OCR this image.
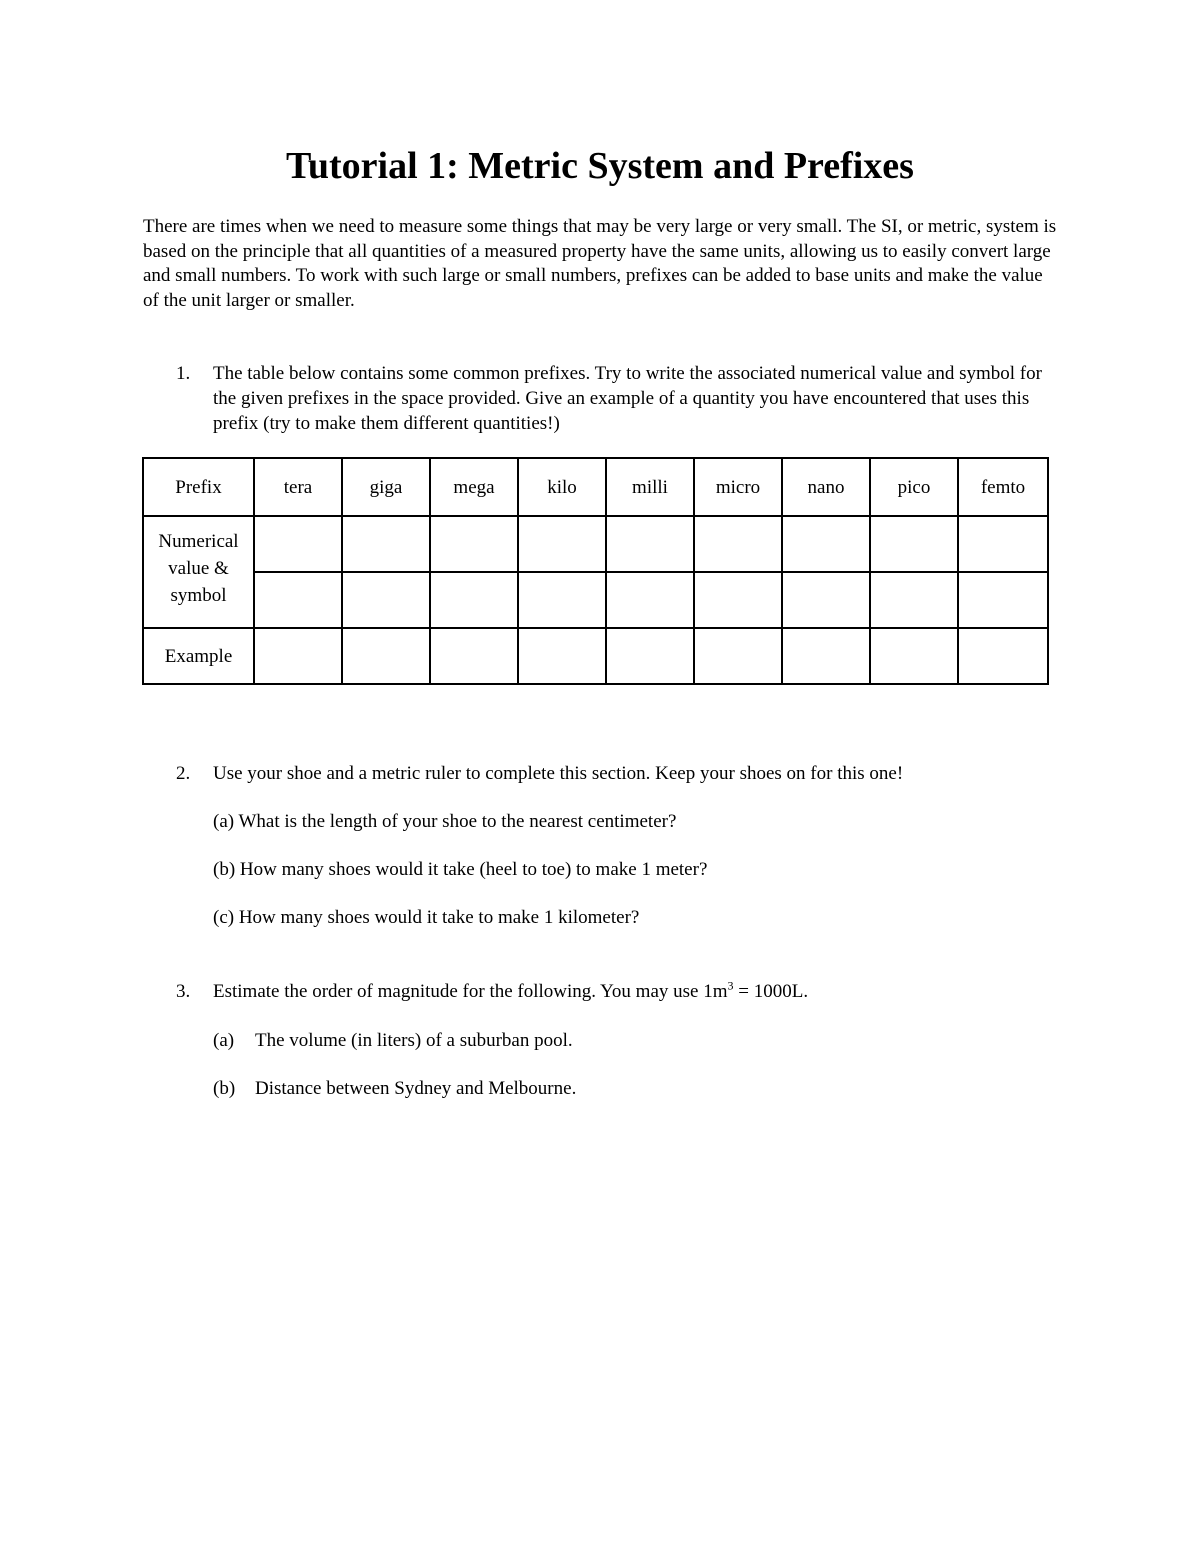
Tutorial 1: Metric System and Prefixes

There are times when we need to measure some things that may be very large or very small. The SI, or metric, system is based on the principle that all quantities of a measured property have the same units, allowing us to easily convert large and small numbers. To work with such large or small numbers, prefixes can be added to base units and make the value of the unit larger or smaller.

1. The table below contains some common prefixes. Try to write the associated numerical value and symbol for the given prefixes in the space provided. Give an example of a quantity you have encountered that uses this prefix (try to make them different quantities!)

Prefix	tera	giga	mega	kilo	milli	micro	nano	pico	femto
Numerical value & symbol									

Example									
2. Use your shoe and a metric ruler to complete this section. Keep your shoes on for this one!

(a) What is the length of your shoe to the nearest centimeter?
(b) How many shoes would it take (heel to toe) to make 1 meter?
(c) How many shoes would it take to make 1 kilometer?
3. Estimate the order of magnitude for the following. You may use $1m^3 = 1000L$.
(a) The volume (in liters) of a suburban pool.
(b) Distance between Sydney and Melbourne.
